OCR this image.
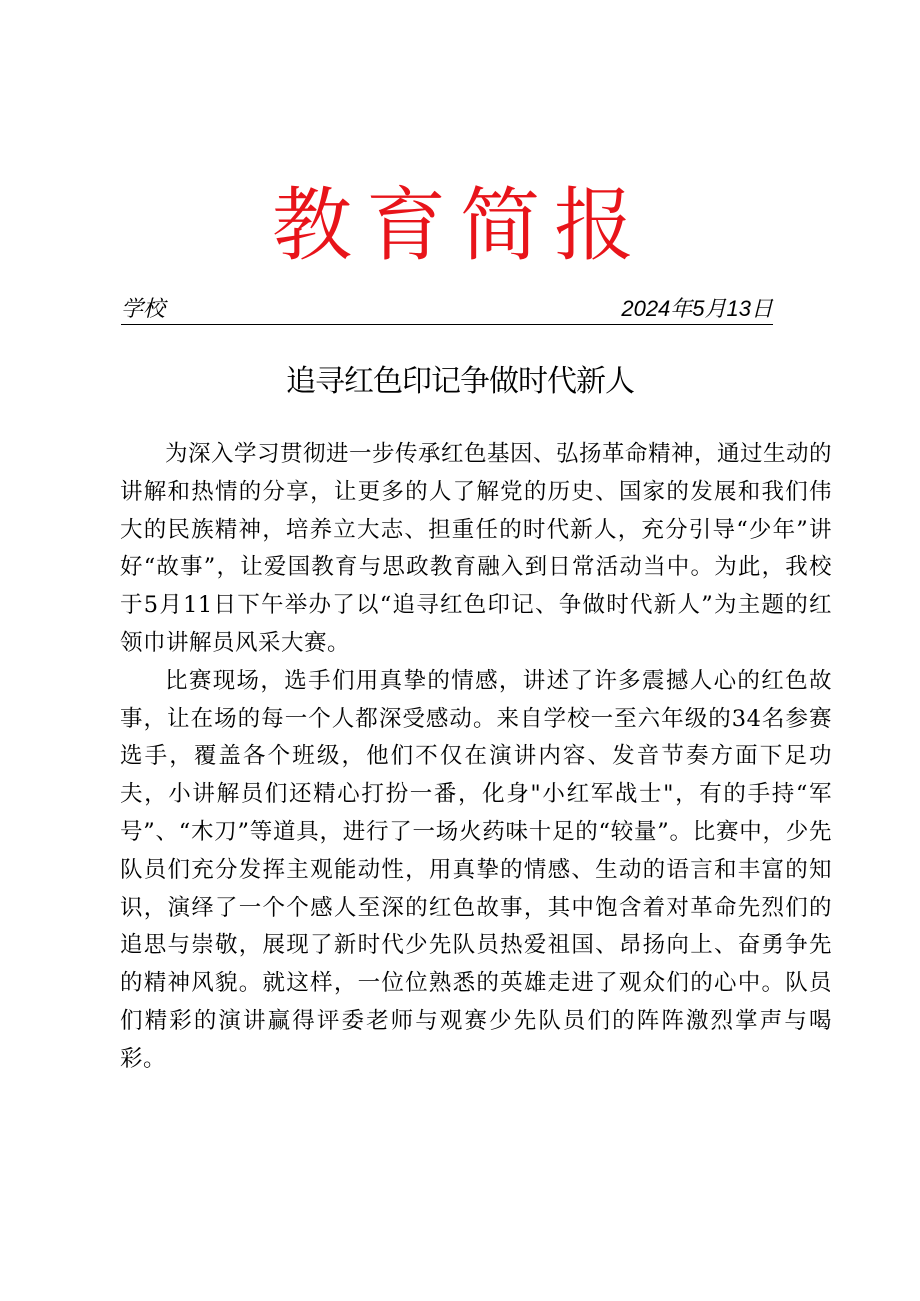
教育简报
学校	2024年5月13日
追寻红色印记争做时代新人

为深入学习贯彻进一步传承红色基因、弘扬革命精神，通过生动的讲解和热情的分享，让更多的人了解党的历史、国家的发展和我们伟大的民族精神，培养立大志、担重任的时代新人，充分引导“少年”讲好“故事”，让爱国教育与思政教育融入到日常活动当中。为此，我校于5月11日下午举办了以“追寻红色印记、争做时代新人”为主题的红领巾讲解员风采大赛。

比赛现场，选手们用真挚的情感，讲述了许多震撼人心的红色故事，让在场的每一个人都深受感动。来自学校一至六年级的34名参赛选手，覆盖各个班级，他们不仅在演讲内容、发音节奏方面下足功夫，小讲解员们还精心打扮一番，化身"小红军战士"，有的手持“军号”、“木刀”等道具，进行了一场火药味十足的“较量”。比赛中，少先队员们充分发挥主观能动性，用真挚的情感、生动的语言和丰富的知识，演绎了一个个感人至深的红色故事，其中饱含着对革命先烈们的追思与崇敬，展现了新时代少先队员热爱祖国、昂扬向上、奋勇争先的精神风貌。就这样，一位位熟悉的英雄走进了观众们的心中。队员们精彩的演讲赢得评委老师与观赛少先队员们的阵阵激烈掌声与喝彩。
